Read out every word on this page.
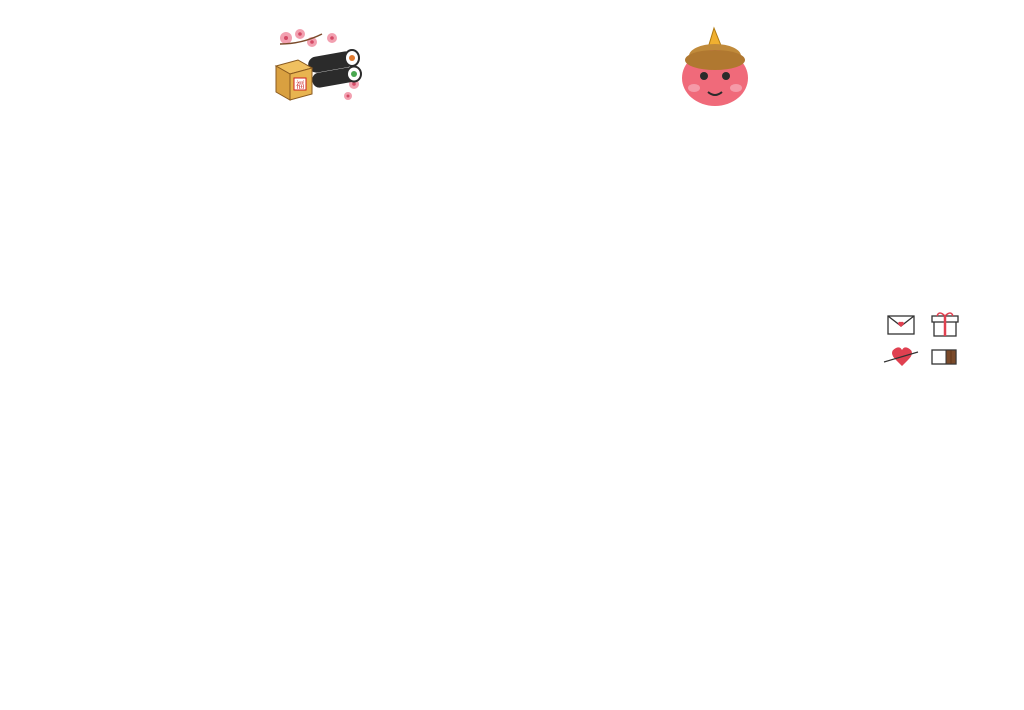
福
